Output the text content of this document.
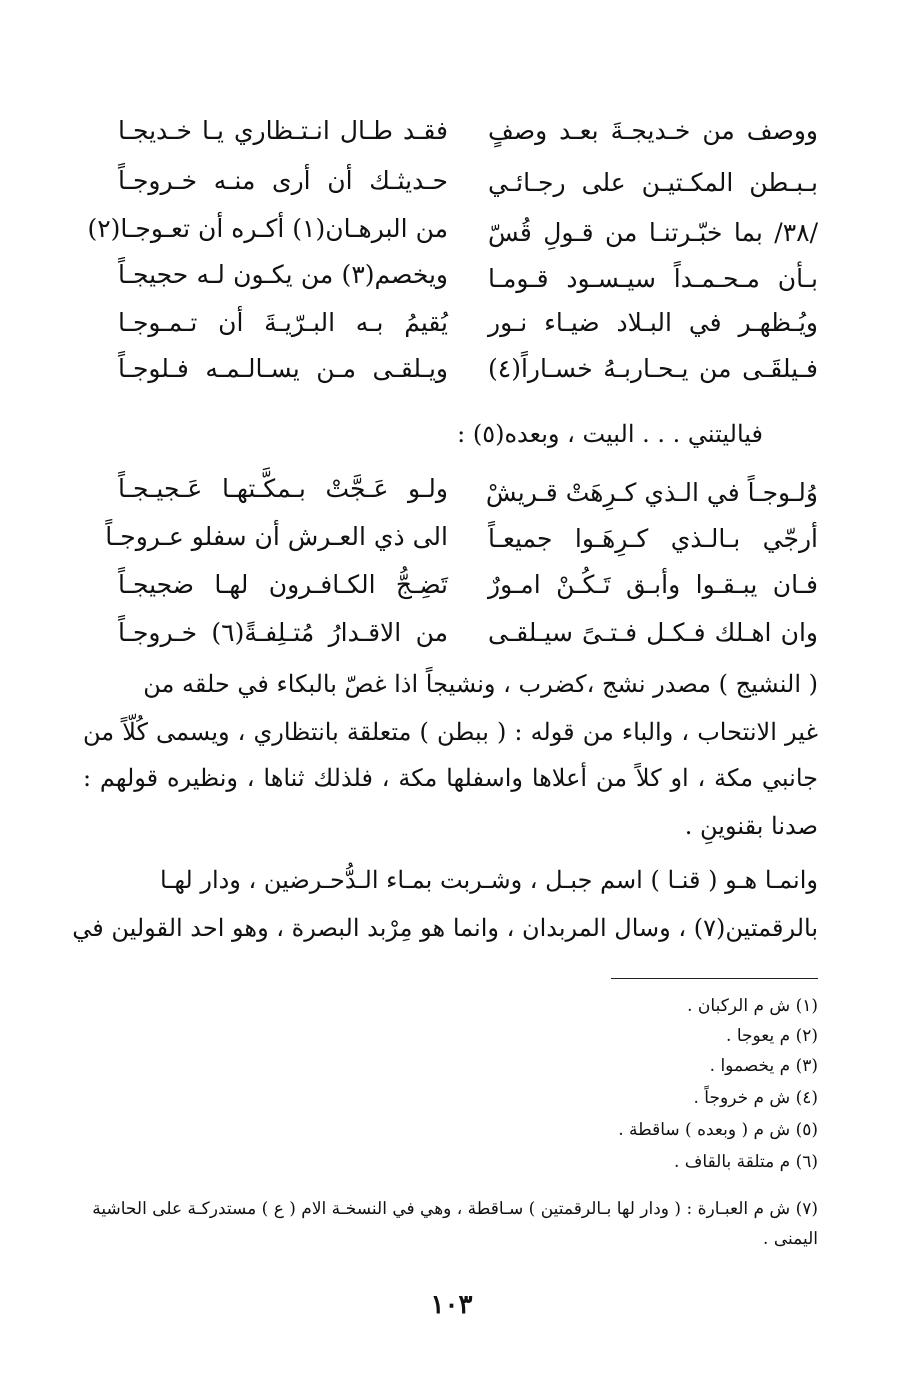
ووصف من خـديجـةَ بعـد وصفٍ
بـبـطن المكـتيـن على رجـائـي
/٣٨/ بما خبّـرتنـا من قـولِ قُسّ
بـأن مـحـمـداً سيـسـود قـومـا
ويُـظهـر في البـلاد ضيـاء نـور
فـيلقَـى من يـحـاربـهُ خسـاراً(٤)
فقـد طـال انـتـظاري يـا خـديجـا
حـديثـك أن أرى منـه خـروجـاً
من البرهـان(١) أكـره أن تعـوجـا(٢)
ويخصم(٣) من يكـون لـه حجيجـاً
يُقيمُ بـه البـرّيـةَ أن تـمـوجـا
ويـلقـى مـن يسـالـمـه فـلوجـاً
فياليتني . . . البيت ، وبعده(٥) :
وُلـوجـاً في الـذي كـرِهَتْ قـريشْ
أرجّي بـالـذي كـرِهَـوا جميعـاً
فـان يبـقـوا وأبـق تَـكُـنْ امـورٌ
وان اهـلك فـكـل فـتـىً سيـلقـى
ولـو عَـجَّتْ بـمكَّـتهـا عَـجيـجـاً
الى ذي العـرش أن سفلو عـروجـاً
تَضِـجُّ الكـافـرون لهـا ضجيجـاً
من الاقـدارُ مُتـلِفـةً(٦) خـروجـاً
( النشيج ) مصدر نشج ،كضرب ، ونشيجاً اذا غصّ بالبكاء في حلقه من
غير الانتحاب ، والباء من قوله : ( ببطن ) متعلقة بانتظاري ، ويسمى كُلّاً من
جانبي مكة ، او كلاً من أعلاها واسفلها مكة ، فلذلك ثناها ، ونظيره قولهم :
صدنا بقنوينِ .
وانمـا هـو ( قنـا ) اسم جبـل ، وشـربت بمـاء الـدُّحـرضين ، ودار لهـا
بالرقمتين(٧) ، وسال المربدان ، وانما هو مِرْبد البصرة ، وهو احد القولين في
(١) ش م الركبان .
(٢) م يعوجا .
(٣) م يخصموا .
(٤) ش م خروجاً .
(٥) ش م ( وبعده ) ساقطة .
(٦) م متلقة بالقاف .
(٧) ش م العبـارة : ( ودار لها بـالرقمتين ) سـاقطة ، وهي في النسخـة الام ( ع ) مستدركـة على الحاشية اليمنى .
١٠٣
